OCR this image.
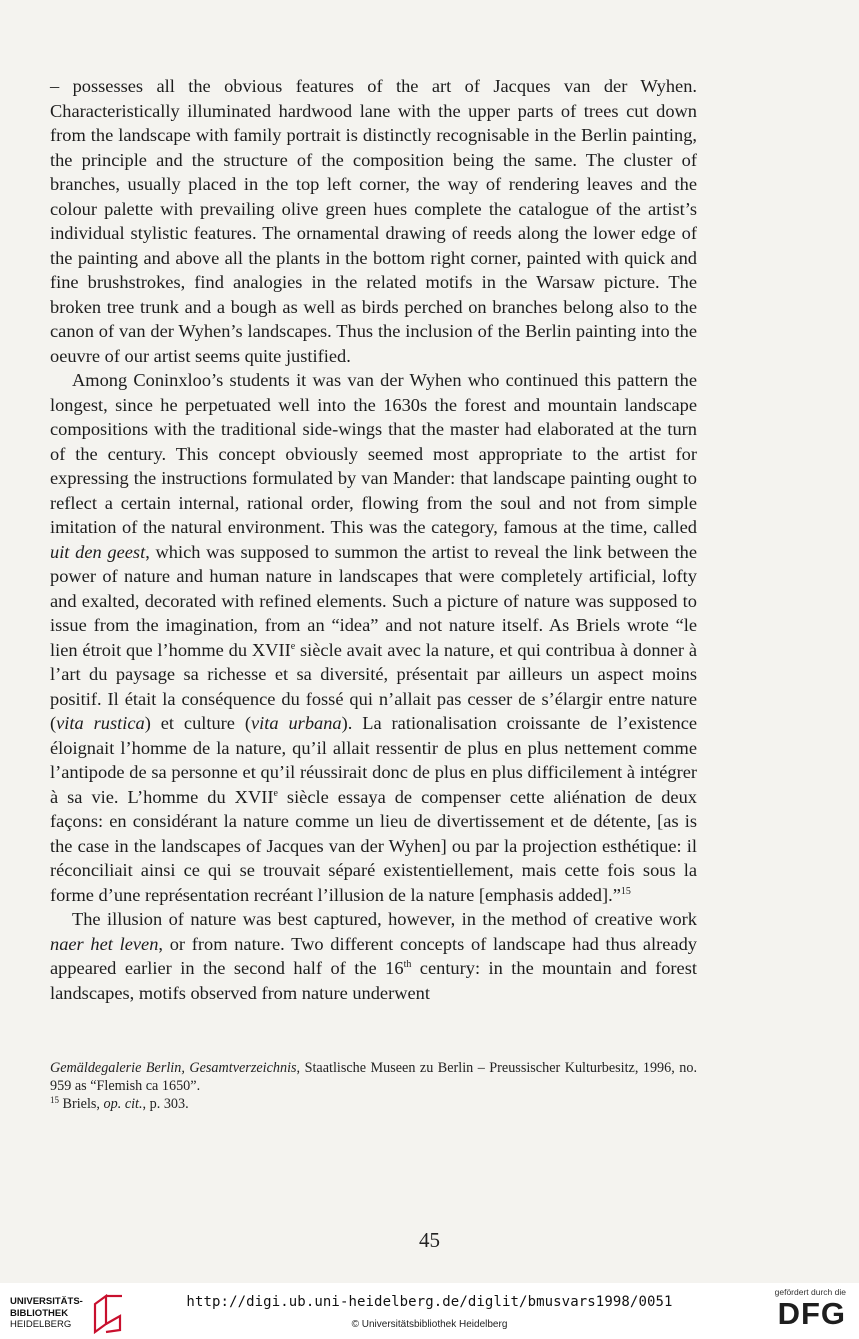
– possesses all the obvious features of the art of Jacques van der Wyhen. Characteristically illuminated hardwood lane with the upper parts of trees cut down from the landscape with family portrait is distinctly recognisable in the Berlin painting, the principle and the structure of the composition being the same. The cluster of branches, usually placed in the top left corner, the way of rendering leaves and the colour palette with prevailing olive green hues complete the catalogue of the artist’s individual stylistic features. The ornamental drawing of reeds along the lower edge of the painting and above all the plants in the bottom right corner, painted with quick and fine brushstrokes, find analogies in the related motifs in the Warsaw picture. The broken tree trunk and a bough as well as birds perched on branches belong also to the canon of van der Wyhen’s landscapes. Thus the inclusion of the Berlin painting into the oeuvre of our artist seems quite justified.

Among Coninxloo’s students it was van der Wyhen who continued this pattern the longest, since he perpetuated well into the 1630s the forest and mountain landscape compositions with the traditional side-wings that the master had elaborated at the turn of the century. This concept obviously seemed most appropriate to the artist for expressing the instructions formulated by van Mander: that landscape painting ought to reflect a certain internal, rational order, flowing from the soul and not from simple imitation of the natural environment. This was the category, famous at the time, called uit den geest, which was supposed to summon the artist to reveal the link between the power of nature and human nature in landscapes that were completely artificial, lofty and exalted, decorated with refined elements. Such a picture of nature was supposed to issue from the imagination, from an “idea” and not nature itself. As Briels wrote “le lien étroit que l’homme du XVIIe siècle avait avec la nature, et qui contribua à donner à l’art du paysage sa richesse et sa diversité, présentait par ailleurs un aspect moins positif. Il était la conséquence du fossé qui n’allait pas cesser de s’élargir entre nature (vita rustica) et culture (vita urbana). La rationalisation croissante de l’existence éloignait l’homme de la nature, qu’il allait ressentir de plus en plus nettement comme l’antipode de sa personne et qu’il réussirait donc de plus en plus difficilement à intégrer à sa vie. L’homme du XVIIe siècle essaya de compenser cette aliénation de deux façons: en considérant la nature comme un lieu de divertissement et de détente, [as is the case in the landscapes of Jacques van der Wyhen] ou par la projection esthétique: il réconciliait ainsi ce qui se trouvait séparé existentiellement, mais cette fois sous la forme d’une représentation recréant l’illusion de la nature [emphasis added].”$^{15}$

The illusion of nature was best captured, however, in the method of creative work naer het leven, or from nature. Two different concepts of landscape had thus already appeared earlier in the second half of the 16th century: in the mountain and forest landscapes, motifs observed from nature underwent

Gemäldegalerie Berlin, Gesamtverzeichnis, Staatlische Museen zu Berlin – Preussischer Kulturbesitz, 1996, no. 959 as “Flemish ca 1650”.

$^{15}$ Briels, op. cit., p. 303.

45
UNIVERSITÄTS-
BIBLIOTHEK
HEIDELBERG
http://digi.ub.uni-heidelberg.de/diglit/bmusvars1998/0051
© Universitätsbibliothek Heidelberg
gefördert durch die
DFG
